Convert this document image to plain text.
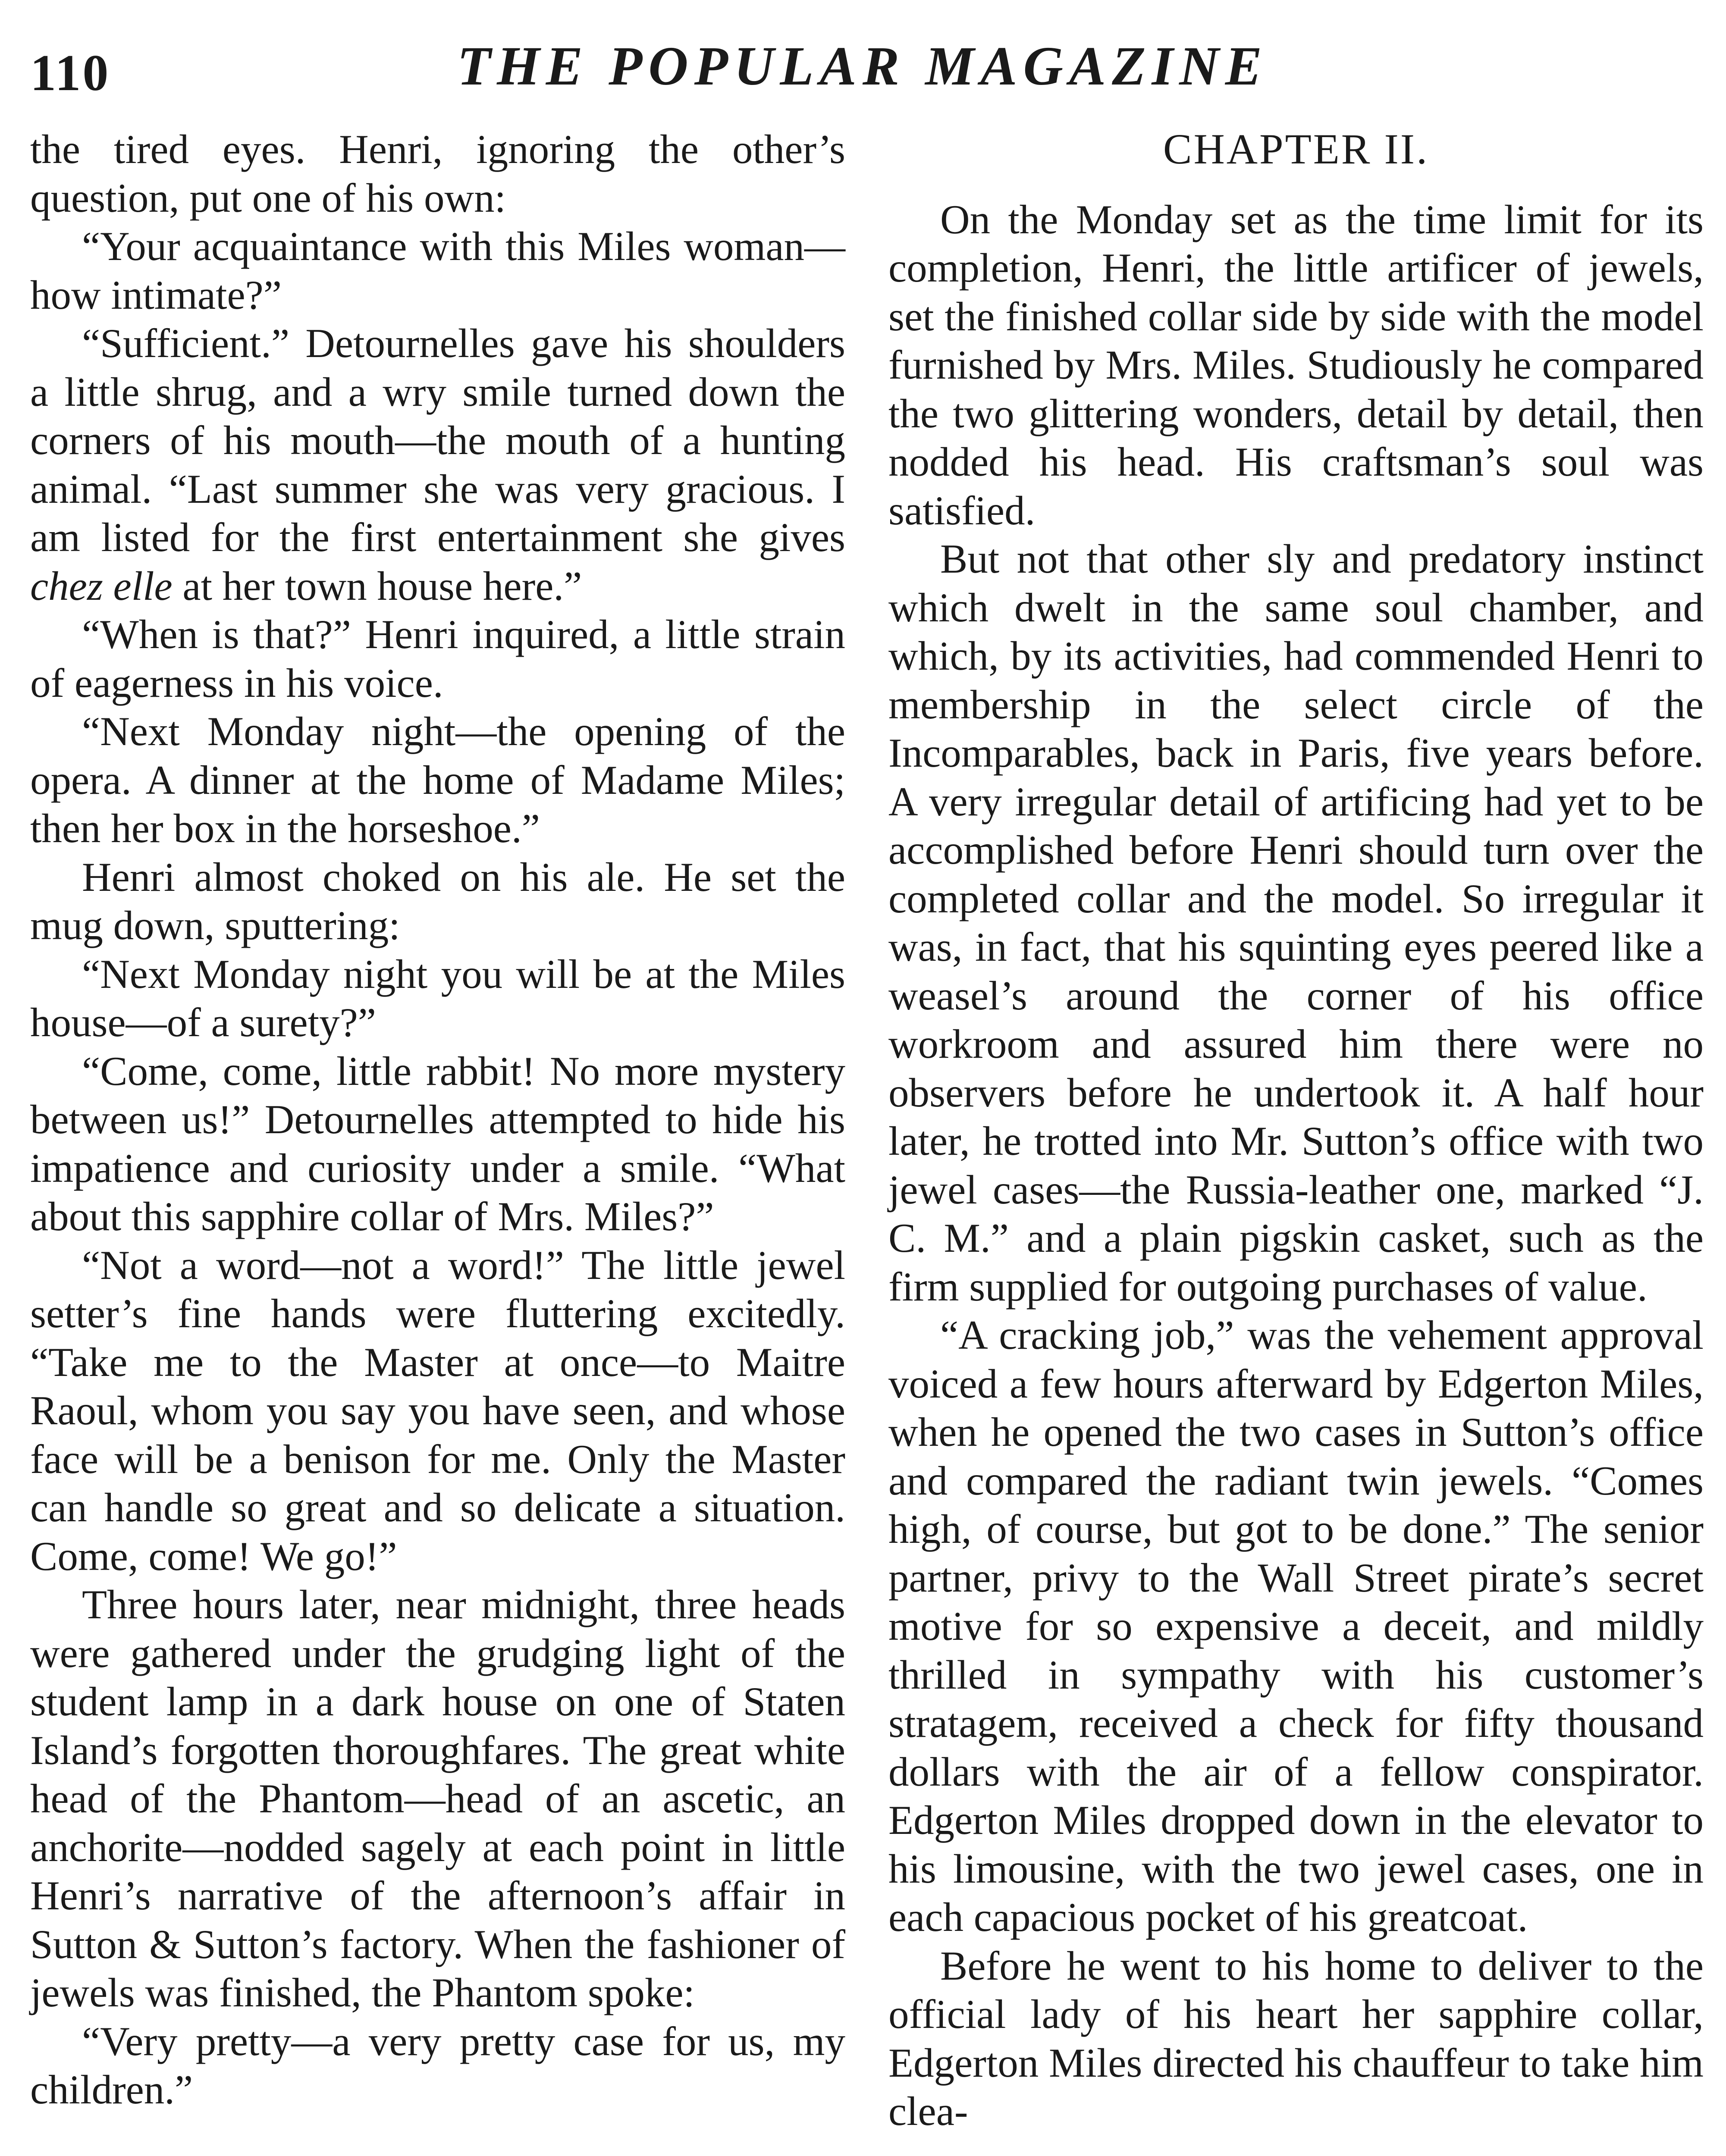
110	THE POPULAR MAGAZINE

the tired eyes. Henri, ignoring the other’s question, put one of his own:

“Your acquaintance with this Miles woman—how intimate?”

“Sufficient.” Detournelles gave his shoulders a little shrug, and a wry smile turned down the corners of his mouth—the mouth of a hunting animal. “Last summer she was very gracious. I am listed for the first entertainment she gives chez elle at her town house here.”

“When is that?” Henri inquired, a little strain of eagerness in his voice.

“Next Monday night—the opening of the opera. A dinner at the home of Madame Miles; then her box in the horseshoe.”

Henri almost choked on his ale. He set the mug down, sputtering:

“Next Monday night you will be at the Miles house—of a surety?”

“Come, come, little rabbit! No more mystery between us!” Detournelles attempted to hide his impatience and curiosity under a smile. “What about this sapphire collar of Mrs. Miles?”

“Not a word—not a word!” The little jewel setter’s fine hands were fluttering excitedly. “Take me to the Master at once—to Maitre Raoul, whom you say you have seen, and whose face will be a benison for me. Only the Master can handle so great and so delicate a situation. Come, come! We go!”

Three hours later, near midnight, three heads were gathered under the grudging light of the student lamp in a dark house on one of Staten Island’s forgotten thoroughfares. The great white head of the Phantom—head of an ascetic, an anchorite—nodded sagely at each point in little Henri’s narrative of the afternoon’s affair in Sutton & Sutton’s factory. When the fashioner of jewels was finished, the Phantom spoke:

“Very pretty—a very pretty case for us, my children.”

CHAPTER II.

On the Monday set as the time limit for its completion, Henri, the little artificer of jewels, set the finished collar side by side with the model furnished by Mrs. Miles. Studiously he compared the two glittering wonders, detail by detail, then nodded his head. His craftsman’s soul was satisfied.

But not that other sly and predatory instinct which dwelt in the same soul chamber, and which, by its activities, had commended Henri to membership in the select circle of the Incomparables, back in Paris, five years before. A very irregular detail of artificing had yet to be accomplished before Henri should turn over the completed collar and the model. So irregular it was, in fact, that his squinting eyes peered like a weasel’s around the corner of his office workroom and assured him there were no observers before he undertook it. A half hour later, he trotted into Mr. Sutton’s office with two jewel cases—the Russia-leather one, marked “J. C. M.” and a plain pigskin casket, such as the firm supplied for outgoing purchases of value.

“A cracking job,” was the vehement approval voiced a few hours afterward by Edgerton Miles, when he opened the two cases in Sutton’s office and compared the radiant twin jewels. “Comes high, of course, but got to be done.” The senior partner, privy to the Wall Street pirate’s secret motive for so expensive a deceit, and mildly thrilled in sympathy with his customer’s stratagem, received a check for fifty thousand dollars with the air of a fellow conspirator. Edgerton Miles dropped down in the elevator to his limousine, with the two jewel cases, one in each capacious pocket of his greatcoat.

Before he went to his home to deliver to the official lady of his heart her sapphire collar, Edgerton Miles directed his chauffeur to take him clea-
